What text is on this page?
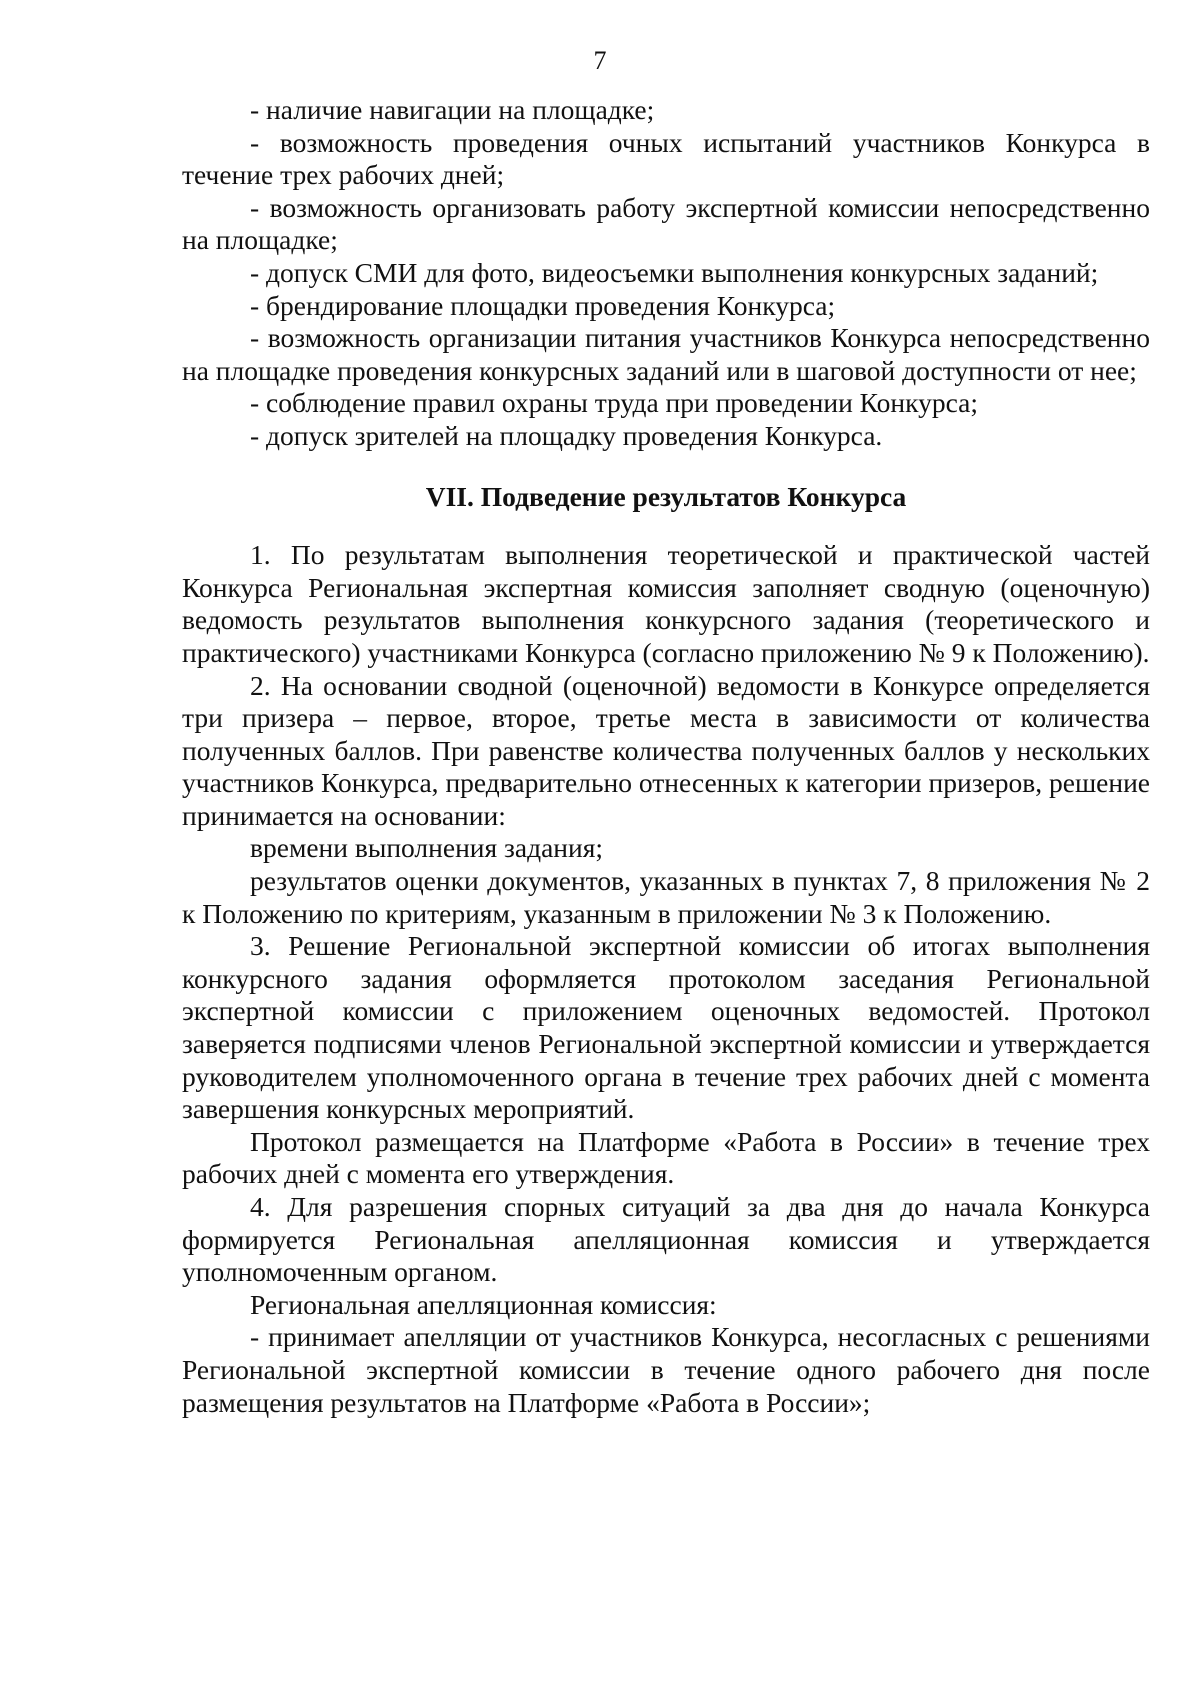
7

- наличие навигации на площадке;

- возможность проведения очных испытаний участников Конкурса в течение трех рабочих дней;

- возможность организовать работу экспертной комиссии непосредственно на площадке;

- допуск СМИ для фото, видеосъемки выполнения конкурсных заданий;

- брендирование площадки проведения Конкурса;

- возможность организации питания участников Конкурса непосредственно на площадке проведения конкурсных заданий или в шаговой доступности от нее;

- соблюдение правил охраны труда при проведении Конкурса;

- допуск зрителей на площадку проведения Конкурса.

VII. Подведение результатов Конкурса

1. По результатам выполнения теоретической и практической частей Конкурса Региональная экспертная комиссия заполняет сводную (оценочную) ведомость результатов выполнения конкурсного задания (теоретического и практического) участниками Конкурса (согласно приложению № 9 к Положению).

2. На основании сводной (оценочной) ведомости в Конкурсе определяется три призера – первое, второе, третье места в зависимости от количества полученных баллов. При равенстве количества полученных баллов у нескольких участников Конкурса, предварительно отнесенных к категории призеров, решение принимается на основании:

времени выполнения задания;

результатов оценки документов, указанных в пунктах 7, 8 приложения № 2 к Положению по критериям, указанным в приложении № 3 к Положению.

3. Решение Региональной экспертной комиссии об итогах выполнения конкурсного задания оформляется протоколом заседания Региональной экспертной комиссии с приложением оценочных ведомостей. Протокол заверяется подписями членов Региональной экспертной комиссии и утверждается руководителем уполномоченного органа в течение трех рабочих дней с момента завершения конкурсных мероприятий.

Протокол размещается на Платформе «Работа в России» в течение трех рабочих дней с момента его утверждения.

4. Для разрешения спорных ситуаций за два дня до начала Конкурса формируется Региональная апелляционная комиссия и утверждается уполномоченным органом.

Региональная апелляционная комиссия:

- принимает апелляции от участников Конкурса, несогласных с решениями Региональной экспертной комиссии в течение одного рабочего дня после размещения результатов на Платформе «Работа в России»;
